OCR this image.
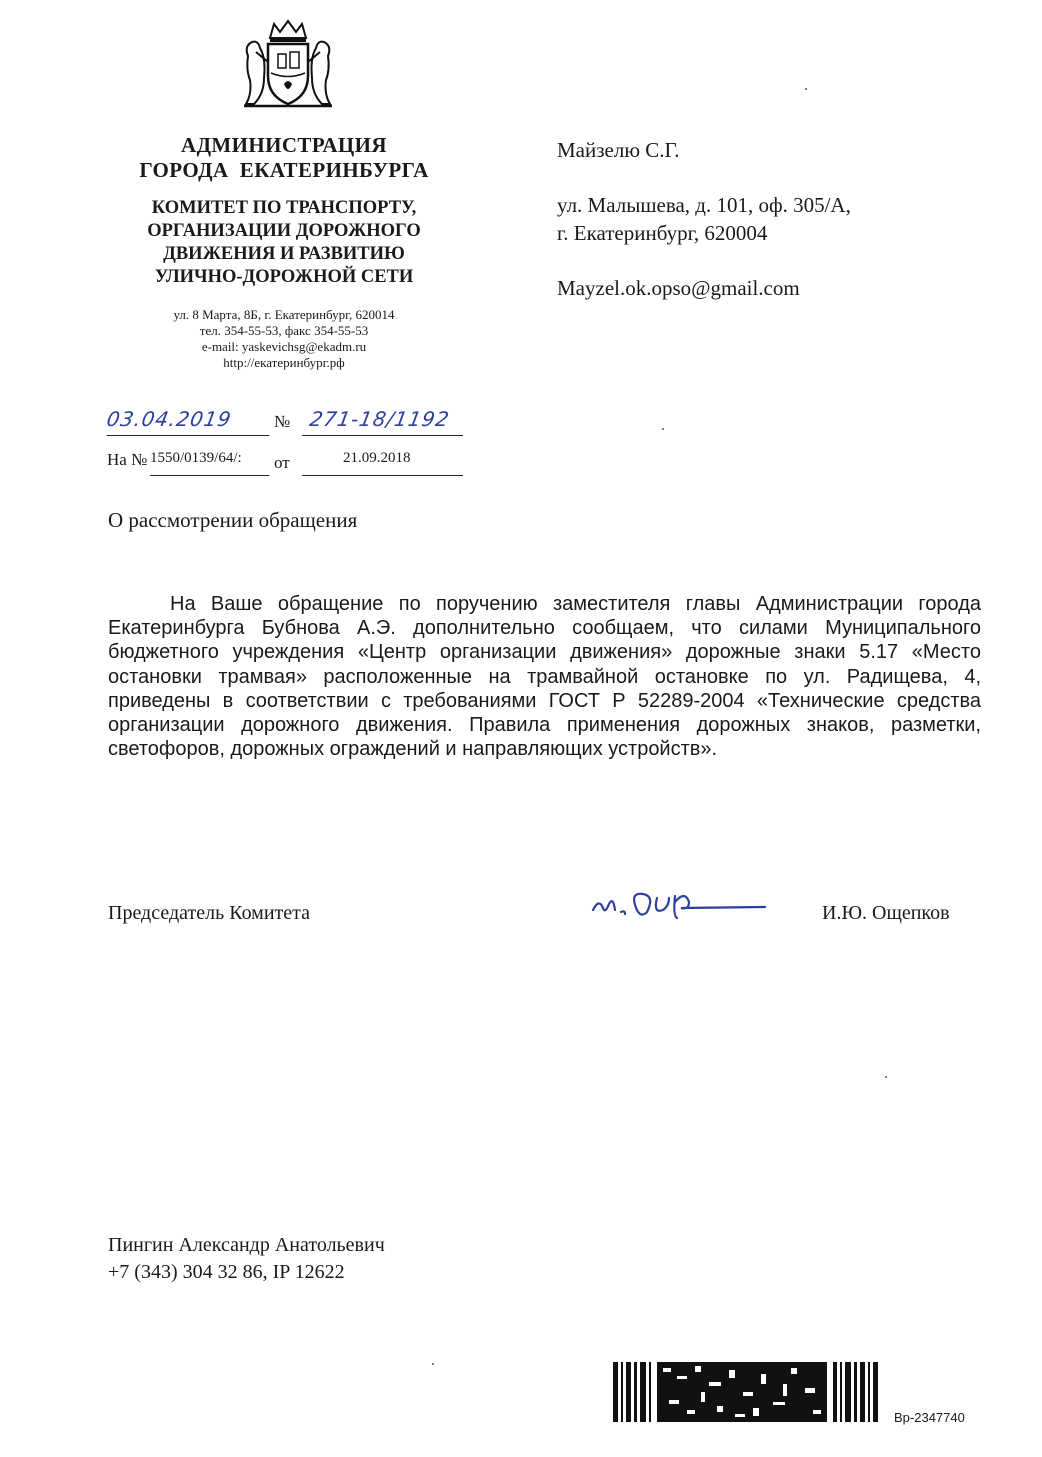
АДМИНИСТРАЦИЯ
ГОРОДА  ЕКАТЕРИНБУРГА
КОМИТЕТ ПО ТРАНСПОРТУ,
ОРГАНИЗАЦИИ ДОРОЖНОГО
ДВИЖЕНИЯ И РАЗВИТИЮ
УЛИЧНО-ДОРОЖНОЙ СЕТИ
ул. 8 Марта, 8Б, г. Екатеринбург, 620014
тел. 354-55-53, факс 354-55-53
e-mail: yaskevichsg@ekadm.ru
http://екатеринбург.рф
03.04.2019 № 271-18/1192
На № 1550/0139/64/: от	21.09.2018
Майзелю С.Г.
ул. Малышева, д. 101, оф. 305/А,
г. Екатеринбург, 620004
Mayzel.ok.opso@gmail.com
О рассмотрении обращения
На Ваше обращение по поручению заместителя главы Администрации города Екатеринбурга Бубнова А.Э. дополнительно сообщаем, что силами Муниципального бюджетного учреждения «Центр организации движения» дорожные знаки 5.17 «Место остановки трамвая» расположенные на трамвайной остановке по ул. Радищева, 4, приведены в соответствии с требованиями ГОСТ Р 52289-2004 «Технические средства организации дорожного движения. Правила применения дорожных знаков, разметки, светофоров, дорожных ограждений и направляющих устройств».
Председатель Комитета	И.Ю. Ощепков
Пингин Александр Анатольевич
+7 (343) 304 32 86, IP 12622
Вр-2347740
